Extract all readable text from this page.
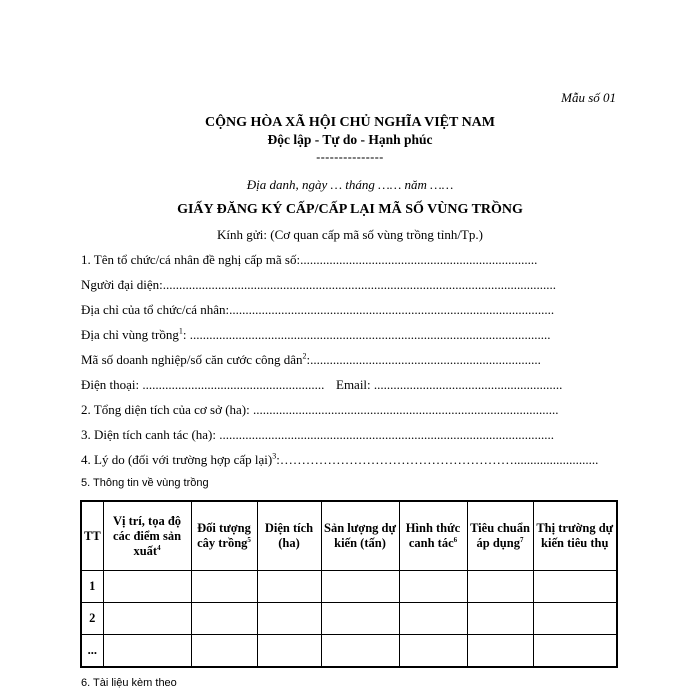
Mẫu số 01
CỘNG HÒA XÃ HỘI CHỦ NGHĨA VIỆT NAM
Độc lập - Tự do - Hạnh phúc
---------------
Địa danh, ngày … tháng …… năm ……
GIẤY ĐĂNG KÝ CẤP/CẤP LẠI MÃ SỐ VÙNG TRỒNG
Kính gửi: (Cơ quan cấp mã số vùng trồng tỉnh/Tp.)
1. Tên tổ chức/cá nhân đề nghị cấp mã số:.........................................................................
Người đại diện:.........................................................................................................................
Địa chỉ của tổ chức/cá nhân:....................................................................................................
Địa chỉ vùng trồng$^1$: ...............................................................................................................
Mã số doanh nghiệp/số căn cước công dân$^2$:.......................................................................
Điện thoại: ........................................................ Email: ..........................................................
2. Tổng diện tích của cơ sở (ha): ..............................................................................................
3. Diện tích canh tác (ha): .......................................................................................................
4. Lý do (đối với trường hợp cấp lại)$^3$:………………………………………………..........................
5. Thông tin về vùng trồng
TT	Vị trí, tọa độ các điểm sản xuất$^4$	Đối tượng cây trồng$^5$	Diện tích (ha)	Sản lượng dự kiến (tấn)	Hình thức canh tác$^6$	Tiêu chuẩn áp dụng$^7$	Thị trường dự kiến tiêu thụ
1							
2							
...							
6. Tài liệu kèm theo
